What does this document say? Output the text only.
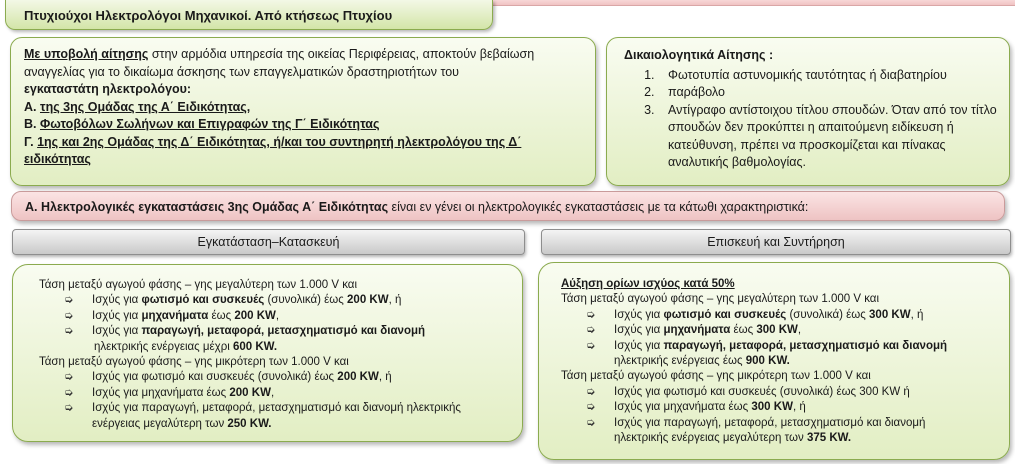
Πτυχιούχοι Ηλεκτρολόγοι Μηχανικοί. Από κτήσεως Πτυχίου

Με υποβολή αίτησης στην αρμόδια υπηρεσία της οικείας Περιφέρειας, αποκτούν βεβαίωση

αναγγελίας για το δικαίωμα άσκησης των επαγγελματικών δραστηριοτήτων του

εγκαταστάτη ηλεκτρολόγου:

Α. της 3ης Ομάδας της Α΄ Ειδικότητας,

Β. Φωτοβόλων Σωλήνων και Επιγραφών της Γ΄ Ειδικότητας

Γ. 1ης και 2ης Ομάδας της Δ΄ Ειδικότητας, ή/και του συντηρητή ηλεκτρολόγου της Δ΄

ειδικότητας

Δικαιολογητικά Αίτησης :

1. Φωτοτυπία αστυνομικής ταυτότητας ή διαβατηρίου
2. παράβολο
3. Αντίγραφο αντίστοιχου τίτλου σπουδών. Όταν από τον τίτλο σπουδών δεν προκύπτει η απαιτούμενη ειδίκευση ή κατεύθυνση, πρέπει να προσκομίζεται και πίνακας αναλυτικής βαθμολογίας.
Α. Ηλεκτρολογικές εγκαταστάσεις 3ης Ομάδας Α΄ Ειδικότητας είναι εν γένει οι ηλεκτρολογικές εγκαταστάσεις με τα κάτωθι χαρακτηριστικά:
Εγκατάσταση–Κατασκευή	Επισκευή και Συντήρηση

Τάση μεταξύ αγωγού φάσης – γης μεγαλύτερη των 1.000 V και

➭ Ισχύς για φωτισμό και συσκευές (συνολικά) έως 200 KW, ή
➭ Ισχύς για μηχανήματα έως 200 KW,
➭ Ισχύς για παραγωγή, μεταφορά, μετασχηματισμό και διανομή

ηλεκτρικής ενέργειας μέχρι 600 KW.

Τάση μεταξύ αγωγού φάσης – γης μικρότερη των 1.000 V και

➭ Ισχύς για φωτισμό και συσκευές (συνολικά) έως 200 KW, ή
➭ Ισχύς για μηχανήματα έως 200 KW,
➭ Ισχύς για παραγωγή, μεταφορά, μετασχηματισμό και διανομή ηλεκτρικής

ενέργειας μεγαλύτερη των 250 KW.

Αύξηση ορίων ισχύος κατά 50%

Τάση μεταξύ αγωγού φάσης – γης μεγαλύτερη των 1.000 V και

➭ Ισχύς για φωτισμό και συσκευές (συνολικά) έως 300 KW, ή
➭ Ισχύς για μηχανήματα έως 300 KW,
➭ Ισχύς για παραγωγή, μεταφορά, μετασχηματισμό και διανομή

ηλεκτρικής ενέργειας έως 900 KW.

Τάση μεταξύ αγωγού φάσης – γης μικρότερη των 1.000 V και

➭ Ισχύς για φωτισμό και συσκευές (συνολικά) έως 300 KW ή
➭ Ισχύς για μηχανήματα έως 300 KW, ή
➭ Ισχύς για παραγωγή, μεταφορά, μετασχηματισμό και διανομή

ηλεκτρικής ενέργειας μεγαλύτερη των 375 KW.
